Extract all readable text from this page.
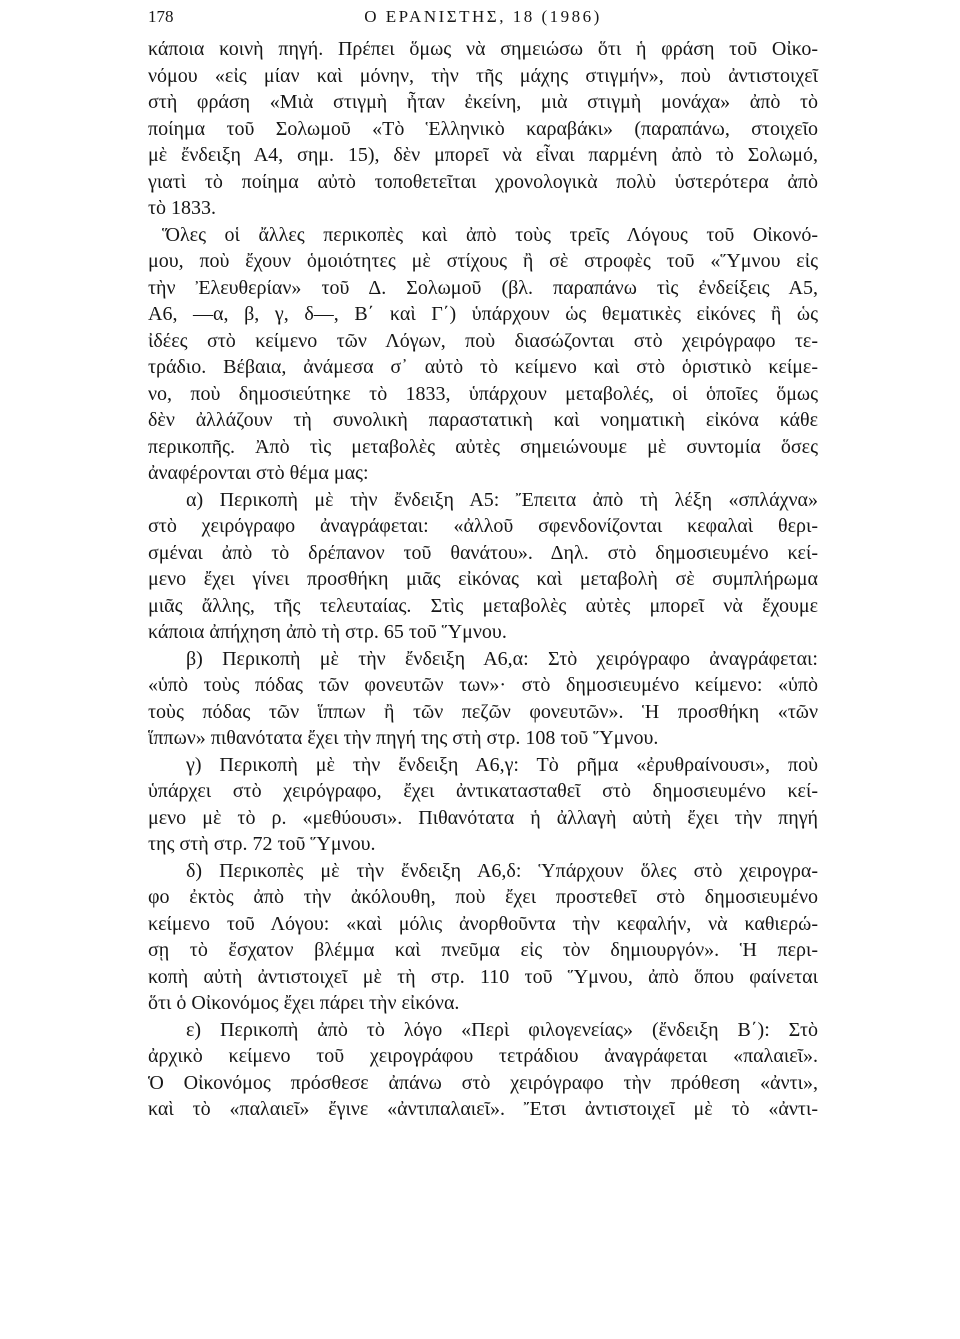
178	Ο ΕΡΑΝΙΣΤΗΣ, 18 (1986)
κάποια κοινὴ πηγή. Πρέπει ὅμως νὰ σημειώσω ὅτι ἡ φράση τοῦ Οἰκο-
νόμου «εἰς μίαν καὶ μόνην, τὴν τῆς μάχης στιγμήν», ποὺ ἀντιστοιχεῖ
στὴ φράση «Μιὰ στιγμὴ ἦταν ἐκείνη, μιὰ στιγμὴ μονάχα» ἀπὸ τὸ
ποίημα τοῦ Σολωμοῦ «Τὸ Ἑλληνικὸ καραβάκι» (παραπάνω, στοιχεῖο
μὲ ἔνδειξη Α4, σημ. 15), δὲν μπορεῖ νὰ εἶναι παρμένη ἀπὸ τὸ Σολωμό,
γιατὶ τὸ ποίημα αὐτὸ τοποθετεῖται χρονολογικὰ πολὺ ὑστερότερα ἀπὸ
τὸ 1833.
Ὅλες οἱ ἄλλες περικοπὲς καὶ ἀπὸ τοὺς τρεῖς Λόγους τοῦ Οἰκονό-
μου, ποὺ ἔχουν ὁμοιότητες μὲ στίχους ἢ σὲ στροφὲς τοῦ «Ὕμνου εἰς
τὴν Ἐλευθερίαν» τοῦ Δ. Σολωμοῦ (βλ. παραπάνω τὶς ἐνδείξεις Α5,
Α6, —α, β, γ, δ—, Β΄ καὶ Γ΄) ὑπάρχουν ὡς θεματικὲς εἰκόνες ἢ ὡς
ἰδέες στὸ κείμενο τῶν Λόγων, ποὺ διασώζονται στὸ χειρόγραφο τε-
τράδιο. Βέβαια, ἀνάμεσα σ᾽ αὐτὸ τὸ κείμενο καὶ στὸ ὁριστικὸ κείμε-
νο, ποὺ δημοσιεύτηκε τὸ 1833, ὑπάρχουν μεταβολές, οἱ ὁποῖες ὅμως
δὲν ἀλλάζουν τὴ συνολικὴ παραστατικὴ καὶ νοηματικὴ εἰκόνα κάθε
περικοπῆς. Ἀπὸ τὶς μεταβολὲς αὐτὲς σημειώνουμε μὲ συντομία ὅσες
ἀναφέρονται στὸ θέμα μας:
α) Περικοπὴ μὲ τὴν ἔνδειξη Α5: Ἔπειτα ἀπὸ τὴ λέξη «σπλάχνα»
στὸ χειρόγραφο ἀναγράφεται: «ἀλλοῦ σφενδονίζονται κεφαλαὶ θερι-
σμέναι ἀπὸ τὸ δρέπανον τοῦ θανάτου». Δηλ. στὸ δημοσιευμένο κεί-
μενο ἔχει γίνει προσθήκη μιᾶς εἰκόνας καὶ μεταβολὴ σὲ συμπλήρωμα
μιᾶς ἄλλης, τῆς τελευταίας. Στὶς μεταβολὲς αὐτὲς μπορεῖ νὰ ἔχουμε
κάποια ἀπήχηση ἀπὸ τὴ στρ. 65 τοῦ Ὕμνου.
β) Περικοπὴ μὲ τὴν ἔνδειξη Α6,α: Στὸ χειρόγραφο ἀναγράφεται:
«ὑπὸ τοὺς πόδας τῶν φονευτῶν των»· στὸ δημοσιευμένο κείμενο: «ὑπὸ
τοὺς πόδας τῶν ἵππων ἢ τῶν πεζῶν φονευτῶν». Ἡ προσθήκη «τῶν
ἵππων» πιθανότατα ἔχει τὴν πηγή της στὴ στρ. 108 τοῦ Ὕμνου.
γ) Περικοπὴ μὲ τὴν ἔνδειξη Α6,γ: Τὸ ρῆμα «ἐρυθραίνουσι», ποὺ
ὑπάρχει στὸ χειρόγραφο, ἔχει ἀντικατασταθεῖ στὸ δημοσιευμένο κεί-
μενο μὲ τὸ ρ. «μεθύουσι». Πιθανότατα ἡ ἀλλαγὴ αὐτὴ ἔχει τὴν πηγή
της στὴ στρ. 72 τοῦ Ὕμνου.
δ) Περικοπὲς μὲ τὴν ἔνδειξη Α6,δ: Ὑπάρχουν ὅλες στὸ χειρογρα-
φο ἐκτὸς ἀπὸ τὴν ἀκόλουθη, ποὺ ἔχει προστεθεῖ στὸ δημοσιευμένο
κείμενο τοῦ Λόγου: «καὶ μόλις ἀνορθοῦντα τὴν κεφαλήν, νὰ καθιερώ-
σῃ τὸ ἔσχατον βλέμμα καὶ πνεῦμα εἰς τὸν δημιουργόν». Ἡ περι-
κοπὴ αὐτὴ ἀντιστοιχεῖ μὲ τὴ στρ. 110 τοῦ Ὕμνου, ἀπὸ ὅπου φαίνεται
ὅτι ὁ Οἰκονόμος ἔχει πάρει τὴν εἰκόνα.
ε) Περικοπὴ ἀπὸ τὸ λόγο «Περὶ φιλογενείας» (ἔνδειξη Β΄): Στὸ
ἀρχικὸ κείμενο τοῦ χειρογράφου τετράδιου ἀναγράφεται «παλαιεῖ».
Ὁ Οἰκονόμος πρόσθεσε ἀπάνω στὸ χειρόγραφο τὴν πρόθεση «ἀντι»,
καὶ τὸ «παλαιεῖ» ἔγινε «ἀντιπαλαιεῖ». Ἔτσι ἀντιστοιχεῖ μὲ τὸ «ἀντι-
